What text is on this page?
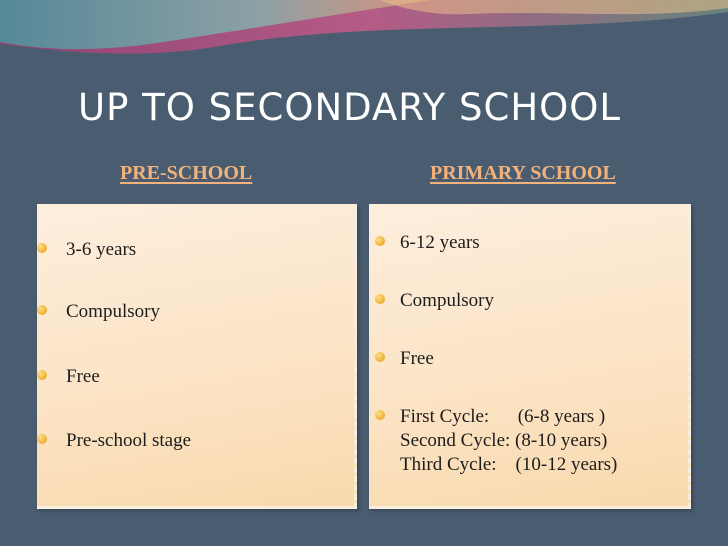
UP TO SECONDARY SCHOOL
PRE-SCHOOL	PRIMARY SCHOOL
3-6 years
Compulsory
Free
Pre-school stage
6-12 years
Compulsory
Free
First Cycle:      (6-8 years )
Second Cycle: (8-10 years)
Third Cycle:    (10-12 years)
